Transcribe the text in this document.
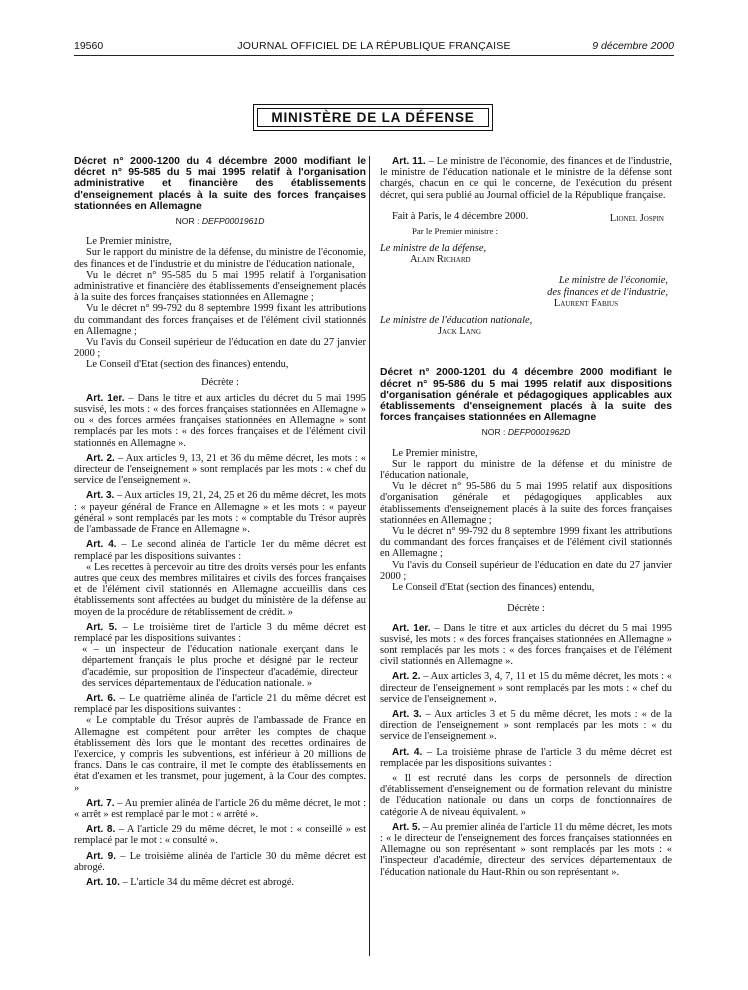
19560	JOURNAL OFFICIEL DE LA RÉPUBLIQUE FRANÇAISE	9 décembre 2000
MINISTÈRE DE LA DÉFENSE
Décret n° 2000-1200 du 4 décembre 2000 modifiant le décret n° 95-585 du 5 mai 1995 relatif à l'organisation administrative et financière des établissements d'enseignement placés à la suite des forces françaises stationnées en Allemagne
NOR : DEFP0001961D

Le Premier ministre,

Sur le rapport du ministre de la défense, du ministre de l'économie, des finances et de l'industrie et du ministre de l'éducation nationale,

Vu le décret n° 95-585 du 5 mai 1995 relatif à l'organisation administrative et financière des établissements d'enseignement placés à la suite des forces françaises stationnées en Allemagne ;

Vu le décret n° 99-792 du 8 septembre 1999 fixant les attributions du commandant des forces françaises et de l'élément civil stationnés en Allemagne ;

Vu l'avis du Conseil supérieur de l'éducation en date du 27 janvier 2000 ;

Le Conseil d'Etat (section des finances) entendu,

Décrète :

Art. 1er. – Dans le titre et aux articles du décret du 5 mai 1995 susvisé, les mots : « des forces françaises stationnées en Allemagne » ou « des forces armées françaises stationnées en Allemagne » sont remplacés par les mots : « des forces françaises et de l'élément civil stationnés en Allemagne ».

Art. 2. – Aux articles 9, 13, 21 et 36 du même décret, les mots : « directeur de l'enseignement » sont remplacés par les mots : « chef du service de l'enseignement ».

Art. 3. – Aux articles 19, 21, 24, 25 et 26 du même décret, les mots : « payeur général de France en Allemagne » et les mots : « payeur général » sont remplacés par les mots : « comptable du Trésor auprès de l'ambassade de France en Allemagne ».

Art. 4. – Le second alinéa de l'article 1er du même décret est remplacé par les dispositions suivantes :

« Les recettes à percevoir au titre des droits versés pour les enfants autres que ceux des membres militaires et civils des forces françaises et de l'élément civil stationnés en Allemagne accueillis dans ces établissements sont affectées au budget du ministère de la défense au moyen de la procédure de rétablissement de crédit. »

Art. 5. – Le troisième tiret de l'article 3 du même décret est remplacé par les dispositions suivantes :

« – un inspecteur de l'éducation nationale exerçant dans le département français le plus proche et désigné par le recteur d'académie, sur proposition de l'inspecteur d'académie, directeur des services départementaux de l'éducation nationale. »

Art. 6. – Le quatrième alinéa de l'article 21 du même décret est remplacé par les dispositions suivantes :

« Le comptable du Trésor auprès de l'ambassade de France en Allemagne est compétent pour arrêter les comptes de chaque établissement dès lors que le montant des recettes ordinaires de l'exercice, y compris les subventions, est inférieur à 20 millions de francs. Dans le cas contraire, il met le compte des établissements en état d'examen et les transmet, pour jugement, à la Cour des comptes. »

Art. 7. – Au premier alinéa de l'article 26 du même décret, le mot : « arrêt » est remplacé par le mot : « arrêté ».

Art. 8. – A l'article 29 du même décret, le mot : « conseillé » est remplacé par le mot : « consulté ».

Art. 9. – Le troisième alinéa de l'article 30 du même décret est abrogé.

Art. 10. – L'article 34 du même décret est abrogé.

Art. 11. – Le ministre de l'économie, des finances et de l'industrie, le ministre de l'éducation nationale et le ministre de la défense sont chargés, chacun en ce qui le concerne, de l'exécution du présent décret, qui sera publié au Journal officiel de la République française.

Fait à Paris, le 4 décembre 2000.	Lionel Jospin

Par le Premier ministre :

Le ministre de la défense,
Alain Richard
Le ministre de l'économie,
des finances et de l'industrie,
Laurent Fabius
Le ministre de l'éducation nationale,
Jack Lang
Décret n° 2000-1201 du 4 décembre 2000 modifiant le décret n° 95-586 du 5 mai 1995 relatif aux dispositions d'organisation générale et pédagogiques applicables aux établissements d'enseignement placés à la suite des forces françaises stationnées en Allemagne
NOR : DEFP0001962D

Le Premier ministre,

Sur le rapport du ministre de la défense et du ministre de l'éducation nationale,

Vu le décret n° 95-586 du 5 mai 1995 relatif aux dispositions d'organisation générale et pédagogiques applicables aux établissements d'enseignement placés à la suite des forces françaises stationnées en Allemagne ;

Vu le décret n° 99-792 du 8 septembre 1999 fixant les attributions du commandant des forces françaises et de l'élément civil stationnés en Allemagne ;

Vu l'avis du Conseil supérieur de l'éducation en date du 27 janvier 2000 ;

Le Conseil d'Etat (section des finances) entendu,

Décrète :

Art. 1er. – Dans le titre et aux articles du décret du 5 mai 1995 susvisé, les mots : « des forces françaises stationnées en Allemagne » sont remplacés par les mots : « des forces françaises et de l'élément civil stationnés en Allemagne ».

Art. 2. – Aux articles 3, 4, 7, 11 et 15 du même décret, les mots : « directeur de l'enseignement » sont remplacés par les mots : « chef du service de l'enseignement ».

Art. 3. – Aux articles 3 et 5 du même décret, les mots : « de la direction de l'enseignement » sont remplacés par les mots : « du service de l'enseignement ».

Art. 4. – La troisième phrase de l'article 3 du même décret est remplacée par les dispositions suivantes :

« Il est recruté dans les corps de personnels de direction d'établissement d'enseignement ou de formation relevant du ministre de l'éducation nationale ou dans un corps de fonctionnaires de catégorie A de niveau équivalent. »

Art. 5. – Au premier alinéa de l'article 11 du même décret, les mots : « le directeur de l'enseignement des forces françaises stationnées en Allemagne ou son représentant » sont remplacés par les mots : « l'inspecteur d'académie, directeur des services départementaux de l'éducation nationale du Haut-Rhin ou son représentant ».
